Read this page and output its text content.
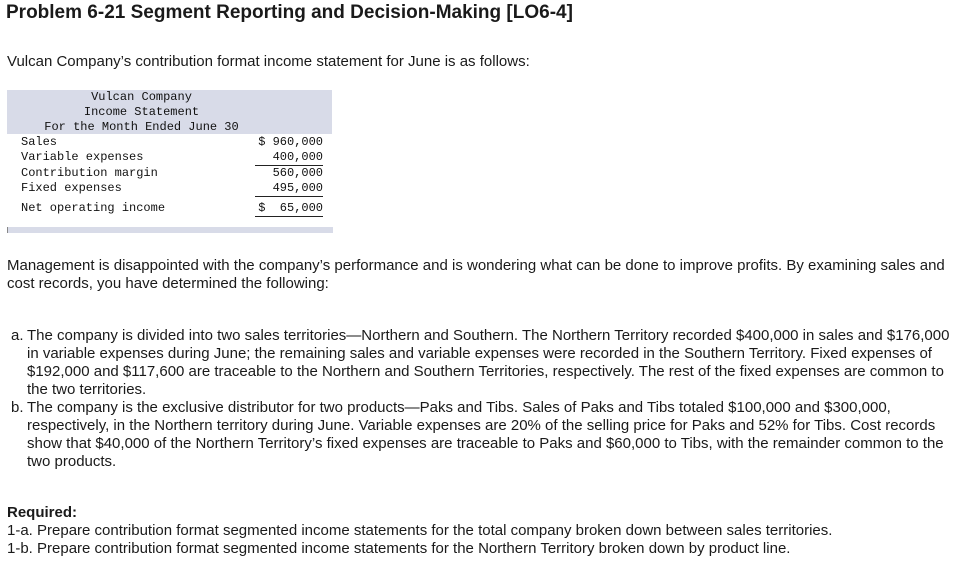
Problem 6-21 Segment Reporting and Decision-Making [LO6-4]
Vulcan Company’s contribution format income statement for June is as follows:
Vulcan Company
Income Statement
For the Month Ended June 30
Sales	$ 960,000
Variable expenses	400,000
Contribution margin	560,000
Fixed expenses	495,000
Net operating income	$  65,000
Management is disappointed with the company’s performance and is wondering what can be done to improve profits. By examining sales and cost records, you have determined the following:
a. The company is divided into two sales territories—Northern and Southern. The Northern Territory recorded $400,000 in sales and $176,000 in variable expenses during June; the remaining sales and variable expenses were recorded in the Southern Territory. Fixed expenses of $192,000 and $117,600 are traceable to the Northern and Southern Territories, respectively. The rest of the fixed expenses are common to the two territories.
b. The company is the exclusive distributor for two products—Paks and Tibs. Sales of Paks and Tibs totaled $100,000 and $300,000, respectively, in the Northern territory during June. Variable expenses are 20% of the selling price for Paks and 52% for Tibs. Cost records show that $40,000 of the Northern Territory’s fixed expenses are traceable to Paks and $60,000 to Tibs, with the remainder common to the two products.
Required:
1-a. Prepare contribution format segmented income statements for the total company broken down between sales territories.
1-b. Prepare contribution format segmented income statements for the Northern Territory broken down by product line.
